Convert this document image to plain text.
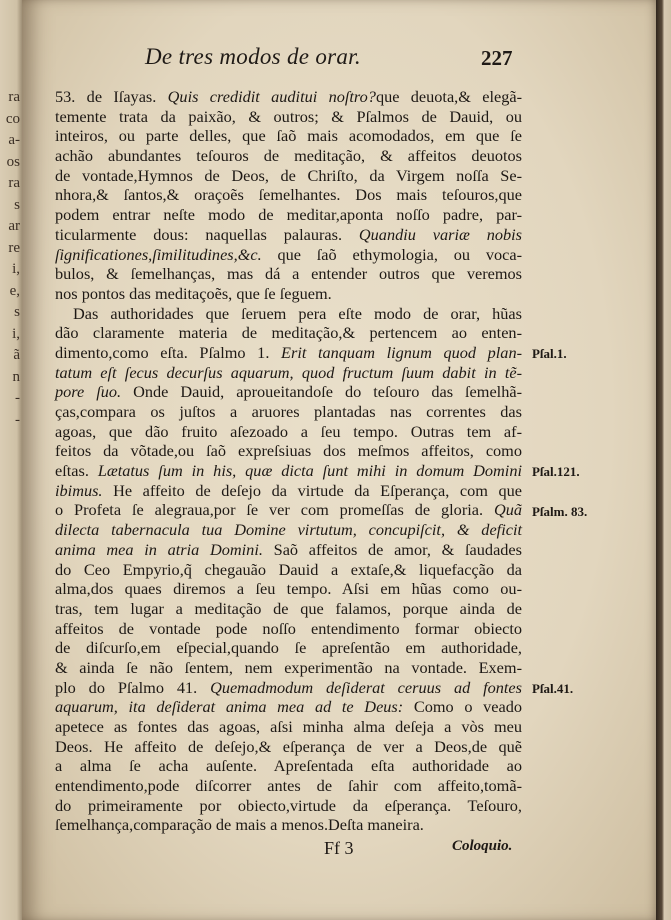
ra
co
a-
os
ra
s
ar
re
i,
e,
s
i,
ã
n
-
-
De tres modos de orar.	227
53. de Iſayas. Quis credidit auditui noſtro?que deuota,& elegã-
temente trata da paixão, & outros; & Pſalmos de Dauid, ou
inteiros, ou parte delles, que ſaõ mais acomodados, em que ſe
achão abundantes teſouros de meditação, & affeitos deuotos
de vontade,Hymnos de Deos, de Chriſto, da Virgem noſſa Se-
nhora,& ſantos,& oraçoẽs ſemelhantes. Dos mais teſouros,que
podem entrar neſte modo de meditar,aponta noſſo padre, par-
ticularmente dous: naquellas palauras. Quandiu variæ nobis
ſignificationes,ſimilitudines,&c. que ſaõ ethymologia, ou voca-
bulos, & ſemelhanças, mas dá a entender outros que veremos
nos pontos das meditaçoẽs, que ſe ſeguem.
Das authoridades que ſeruem pera eſte modo de orar, hũas
dão claramente materia de meditação,& pertencem ao enten-
dimento,como eſta. Pſalmo 1. Erit tanquam lignum quod plan-
tatum eſt ſecus decurſus aquarum, quod fructum ſuum dabit in tẽ-
pore ſuo. Onde Dauid, aproueitandoſe do teſouro das ſemelhã-
ças,compara os juſtos a aruores plantadas nas correntes das
agoas, que dão fruito aſezoado a ſeu tempo. Outras tem af-
feitos da võtade,ou ſaõ expreſsiuas dos meſmos affeitos, como
eſtas. Lætatus ſum in his, quæ dicta ſunt mihi in domum Domini
ibimus. He affeito de deſejo da virtude da Eſperança, com que
o Profeta ſe alegraua,por ſe ver com promeſſas de gloria. Quã
dilecta tabernacula tua Domine virtutum, concupiſcit, & deficit
anima mea in atria Domini. Saõ affeitos de amor, & ſaudades
do Ceo Empyrio,q̃ chegauão Dauid a extaſe,& liquefacção da
alma,dos quaes diremos a ſeu tempo. Aſsi em hũas como ou-
tras, tem lugar a meditação de que falamos, porque ainda de
affeitos de vontade pode noſſo entendimento formar obiecto
de diſcurſo,em eſpecial,quando ſe apreſentão em authoridade,
& ainda ſe não ſentem, nem experimentão na vontade. Exem-
plo do Pſalmo 41. Quemadmodum deſiderat ceruus ad fontes
aquarum, ita deſiderat anima mea ad te Deus: Como o veado
apetece as fontes das agoas, aſsi minha alma deſeja a vòs meu
Deos. He affeito de deſejo,& eſperança de ver a Deos,de quẽ
a alma ſe acha auſente. Apreſentada eſta authoridade ao
entendimento,pode diſcorrer antes de ſahir com affeito,tomã-
do primeiramente por obiecto,virtude da eſperança. Teſouro,
ſemelhança,comparação de mais a menos.Deſta maneira.
Pſal.1.
Pſal.121.
Pſalm. 83.
Pſal.41.
Ff 3	Coloquio.
